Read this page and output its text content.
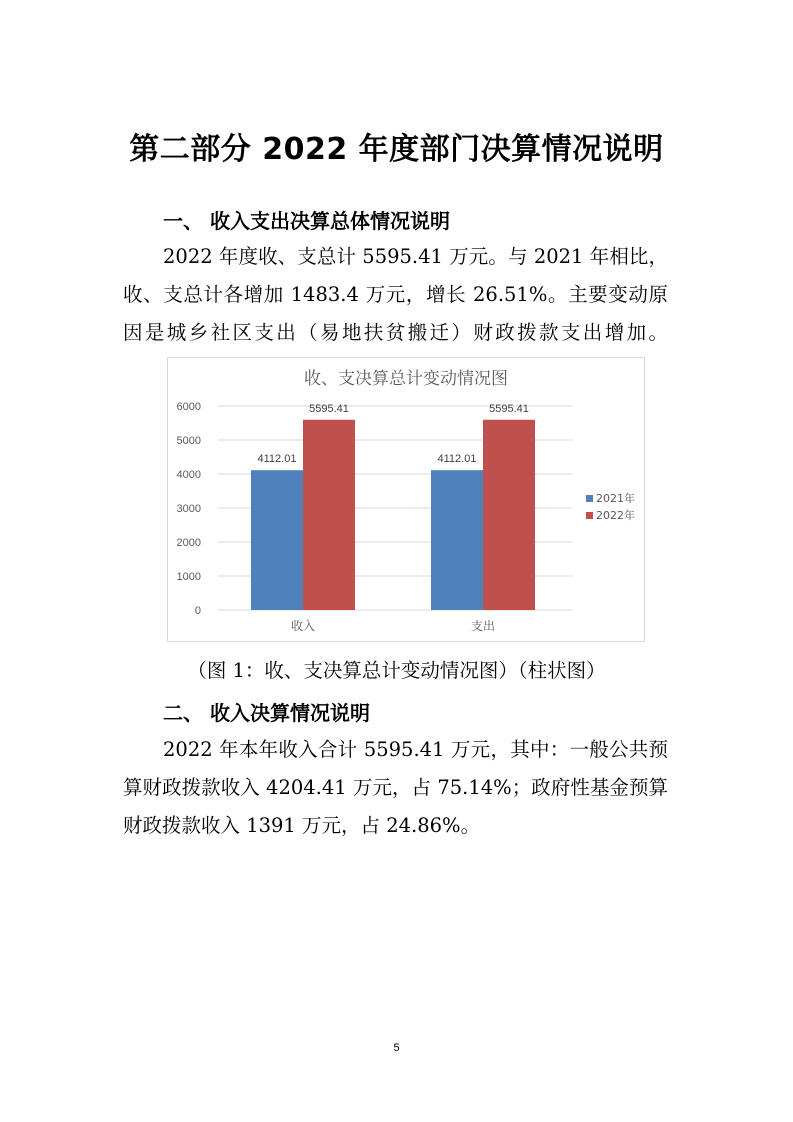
第二部分 2022 年度部门决算情况说明
一、 收入支出决算总体情况说明
2022 年度收、支总计 5595.41 万元。与 2021 年相比，
收、支总计各增加 1483.4 万元，增长 26.51%。主要变动原
因是城乡社区支出（易地扶贫搬迁）财政拨款支出增加。
收、支决算总计变动情况图
0
1000
2000
3000
4000
5000
6000
4112.01
5595.41
收入
4112.01
5595.41
支出
2021年
2022年
（图 1：收、支决算总计变动情况图）（柱状图）
二、 收入决算情况说明
2022 年本年收入合计 5595.41 万元，其中：一般公共预
算财政拨款收入 4204.41 万元，占 75.14%；政府性基金预算
财政拨款收入 1391 万元，占 24.86%。
5
